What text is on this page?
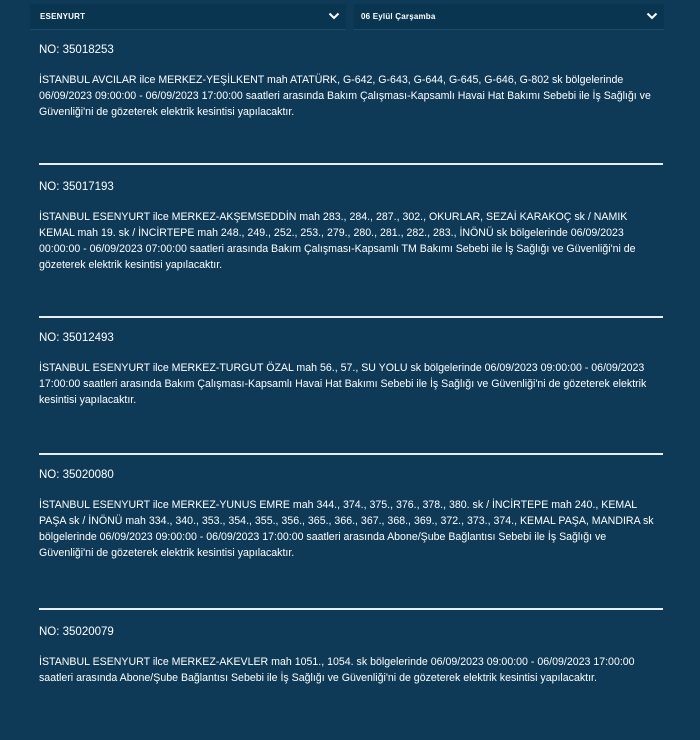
ESENYURT	06 Eylül Çarşamba
NO: 35018253
İSTANBUL AVCILAR ilce MERKEZ-YEŞİLKENT mah ATATÜRK, G-642, G-643, G-644, G-645, G-646, G-802 sk bölgelerinde 06/09/2023 09:00:00 - 06/09/2023 17:00:00 saatleri arasında Bakım Çalışması-Kapsamlı Havai Hat Bakımı Sebebi ile İş Sağlığı ve Güvenliği'ni de gözeterek elektrik kesintisi yapılacaktır.
NO: 35017193
İSTANBUL ESENYURT ilce MERKEZ-AKŞEMSEDDİN mah 283., 284., 287., 302., OKURLAR, SEZAİ KARAKOÇ sk / NAMIK KEMAL mah 19. sk / İNCİRTEPE mah 248., 249., 252., 253., 279., 280., 281., 282., 283., İNÖNÜ sk bölgelerinde 06/09/2023 00:00:00 - 06/09/2023 07:00:00 saatleri arasında Bakım Çalışması-Kapsamlı TM Bakımı Sebebi ile İş Sağlığı ve Güvenliği'ni de gözeterek elektrik kesintisi yapılacaktır.
NO: 35012493
İSTANBUL ESENYURT ilce MERKEZ-TURGUT ÖZAL mah 56., 57., SU YOLU sk bölgelerinde 06/09/2023 09:00:00 - 06/09/2023 17:00:00 saatleri arasında Bakım Çalışması-Kapsamlı Havai Hat Bakımı Sebebi ile İş Sağlığı ve Güvenliği'ni de gözeterek elektrik kesintisi yapılacaktır.
NO: 35020080
İSTANBUL ESENYURT ilce MERKEZ-YUNUS EMRE mah 344., 374., 375., 376., 378., 380. sk / İNCİRTEPE mah 240., KEMAL PAŞA sk / İNÖNÜ mah 334., 340., 353., 354., 355., 356., 365., 366., 367., 368., 369., 372., 373., 374., KEMAL PAŞA, MANDIRA sk bölgelerinde 06/09/2023 09:00:00 - 06/09/2023 17:00:00 saatleri arasında Abone/Şube Bağlantısı Sebebi ile İş Sağlığı ve Güvenliği'ni de gözeterek elektrik kesintisi yapılacaktır.
NO: 35020079
İSTANBUL ESENYURT ilce MERKEZ-AKEVLER mah 1051., 1054. sk bölgelerinde 06/09/2023 09:00:00 - 06/09/2023 17:00:00 saatleri arasında Abone/Şube Bağlantısı Sebebi ile İş Sağlığı ve Güvenliği'ni de gözeterek elektrik kesintisi yapılacaktır.
